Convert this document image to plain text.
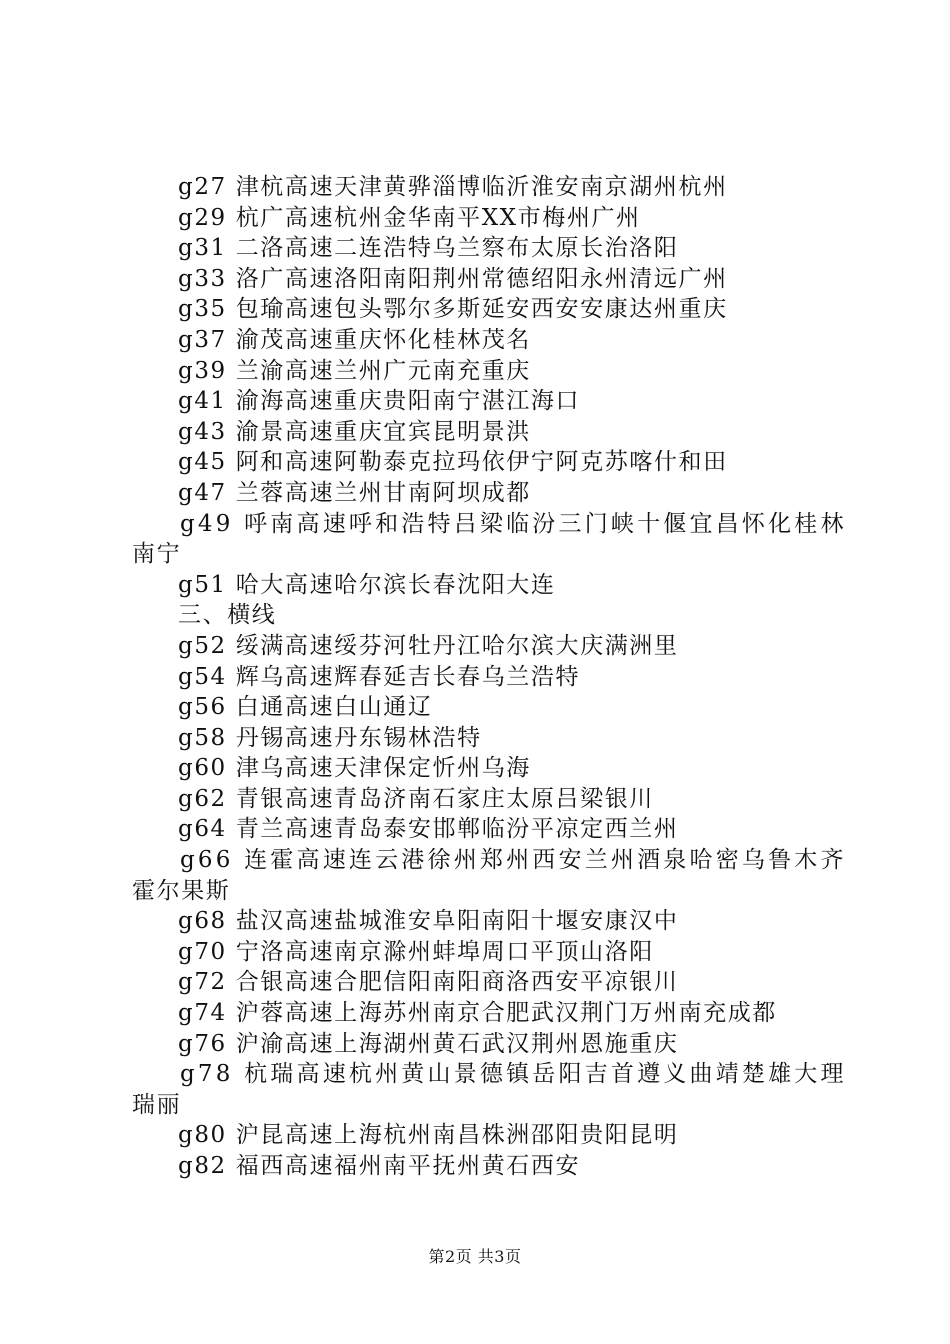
g27 津杭高速天津黄骅淄博临沂淮安南京湖州杭州
g29 杭广高速杭州金华南平XX市梅州广州
g31 二洛高速二连浩特乌兰察布太原长治洛阳
g33 洛广高速洛阳南阳荆州常德绍阳永州清远广州
g35 包瑜高速包头鄂尔多斯延安西安安康达州重庆
g37 渝茂高速重庆怀化桂林茂名
g39 兰渝高速兰州广元南充重庆
g41 渝海高速重庆贵阳南宁湛江海口
g43 渝景高速重庆宜宾昆明景洪
g45 阿和高速阿勒泰克拉玛依伊宁阿克苏喀什和田
g47 兰蓉高速兰州甘南阿坝成都
g49 呼南高速呼和浩特吕梁临汾三门峡十偃宜昌怀化桂林
南宁
g51 哈大高速哈尔滨长春沈阳大连
三、横线
g52 绥满高速绥芬河牡丹江哈尔滨大庆满洲里
g54 辉乌高速辉春延吉长春乌兰浩特
g56 白通高速白山通辽
g58 丹锡高速丹东锡林浩特
g60 津乌高速天津保定忻州乌海
g62 青银高速青岛济南石家庄太原吕梁银川
g64 青兰高速青岛泰安邯郸临汾平凉定西兰州
g66 连霍高速连云港徐州郑州西安兰州酒泉哈密乌鲁木齐
霍尔果斯
g68 盐汉高速盐城淮安阜阳南阳十堰安康汉中
g70 宁洛高速南京滁州蚌埠周口平顶山洛阳
g72 合银高速合肥信阳南阳商洛西安平凉银川
g74 沪蓉高速上海苏州南京合肥武汉荆门万州南充成都
g76 沪渝高速上海湖州黄石武汉荆州恩施重庆
g78 杭瑞高速杭州黄山景德镇岳阳吉首遵义曲靖楚雄大理
瑞丽
g80 沪昆高速上海杭州南昌株洲邵阳贵阳昆明
g82 福西高速福州南平抚州黄石西安
第2页 共3页
